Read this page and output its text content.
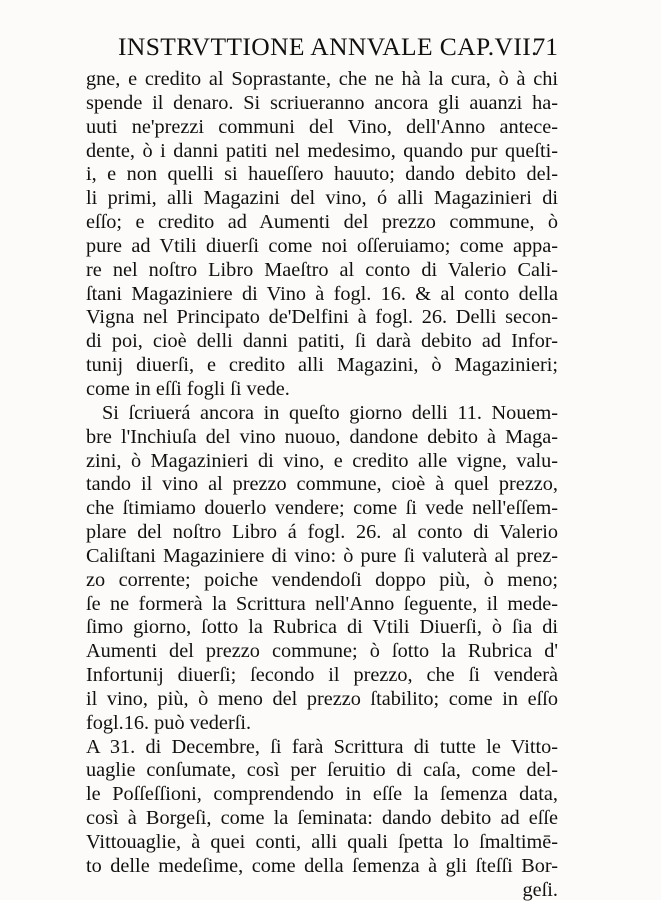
INSTRVTTIONE ANNVALE CAP.VII.
71
gne, e credito al Soprastante, che ne hà la cura, ò à chi
spende il denaro. Si scriueranno ancora gli auanzi ha-
uuti ne'prezzi communi del Vino, dell'Anno antece-
dente, ò i danni patiti nel medesimo, quando pur queſti-
i, e non quelli si haueſſero hauuto; dando debito del-
li primi, alli Magazini del vino, ó alli Magazinieri di
eſſo; e credito ad Aumenti del prezzo commune, ò
pure ad Vtili diuerſi come noi oſſeruiamo; come appa-
re nel noſtro Libro Maeſtro al conto di Valerio Cali-
ſtani Magaziniere di Vino à fogl. 16. & al conto della
Vigna nel Principato de'Delfini à fogl. 26. Delli secon-
di poi, cioè delli danni patiti, ſi darà debito ad Infor-
tunij diuerſi, e credito alli Magazini, ò Magazinieri;
come in eſſi fogli ſi vede.
Si ſcriuerá ancora in queſto giorno delli 11. Nouem-
bre l'Inchiuſa del vino nuouo, dandone debito à Maga-
zini, ò Magazinieri di vino, e credito alle vigne, valu-
tando il vino al prezzo commune, cioè à quel prezzo,
che ſtimiamo douerlo vendere; come ſi vede nell'eſſem-
plare del noſtro Libro á fogl. 26. al conto di Valerio
Caliſtani Magaziniere di vino: ò pure ſi valuterà al prez-
zo corrente; poiche vendendoſi doppo più, ò meno;
ſe ne formerà la Scrittura nell'Anno ſeguente, il mede-
ſimo giorno, ſotto la Rubrica di Vtili Diuerſi, ò ſia di
Aumenti del prezzo commune; ò ſotto la Rubrica d'
Infortunij diuerſi; ſecondo il prezzo, che ſi venderà
il vino, più, ò meno del prezzo ſtabilito; come in eſſo
fogl.16. può vederſi.
A 31. di Decembre, ſi farà Scrittura di tutte le Vitto-
uaglie conſumate, così per ſeruitio di caſa, come del-
le Poſſeſſioni, comprendendo in eſſe la ſemenza data,
così à Borgeſi, come la ſeminata: dando debito ad eſſe
Vittouaglie, à quei conti, alli quali ſpetta lo ſmaltimē-
to delle medeſime, come della ſemenza à gli ſteſſi Bor-
geſi.
